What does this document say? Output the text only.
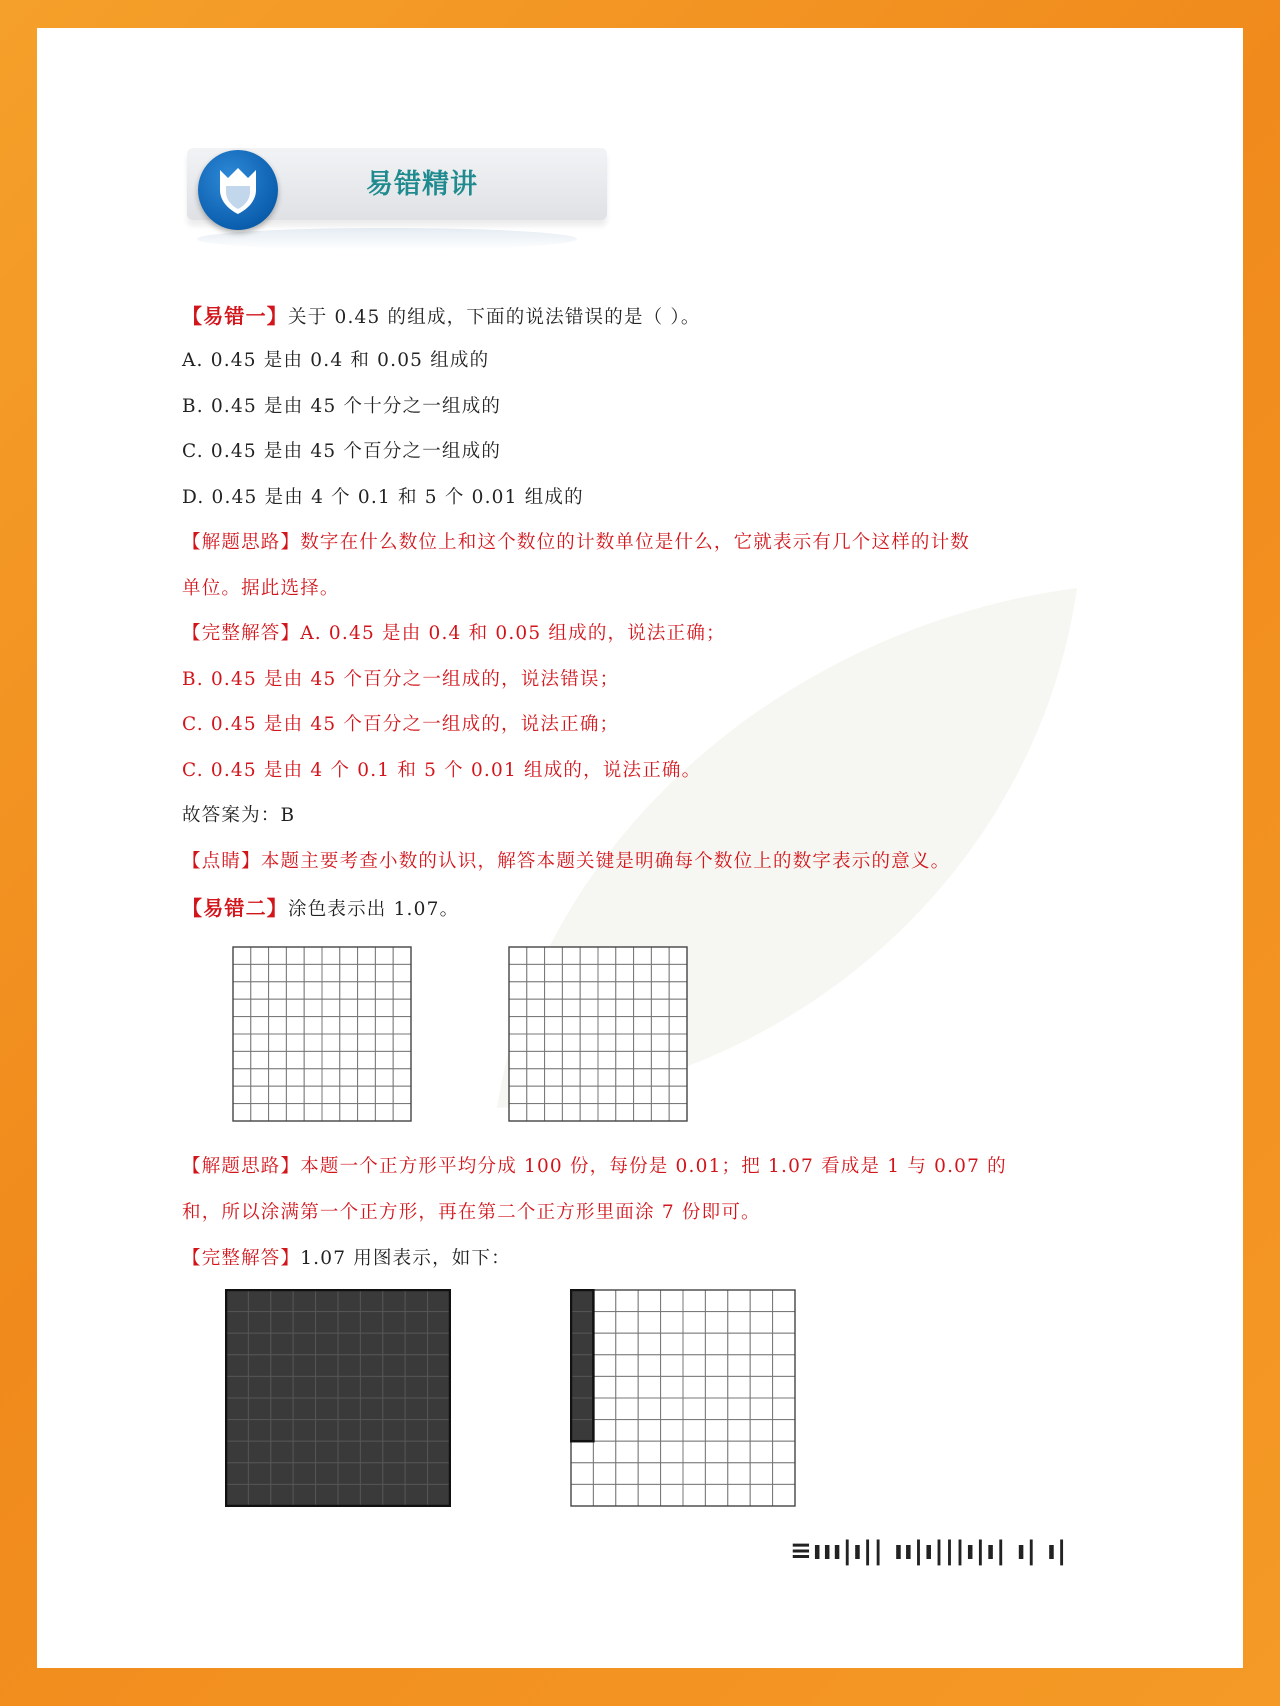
易错精讲
【易错一】关于 0.45 的组成，下面的说法错误的是（ ）。
A. 0.45 是由 0.4 和 0.05 组成的
B. 0.45 是由 45 个十分之一组成的
C. 0.45 是由 45 个百分之一组成的
D. 0.45 是由 4 个 0.1 和 5 个 0.01 组成的
【解题思路】数字在什么数位上和这个数位的计数单位是什么，它就表示有几个这样的计数
单位。据此选择。
【完整解答】A. 0.45 是由 0.4 和 0.05 组成的，说法正确；
B. 0.45 是由 45 个百分之一组成的，说法错误；
C. 0.45 是由 45 个百分之一组成的，说法正确；
C. 0.45 是由 4 个 0.1 和 5 个 0.01 组成的，说法正确。
故答案为：B
【点睛】本题主要考查小数的认识，解答本题关键是明确每个数位上的数字表示的意义。
【易错二】涂色表示出 1.07。
【解题思路】本题一个正方形平均分成 100 份，每份是 0.01；把 1.07 看成是 1 与 0.07 的
和，所以涂满第一个正方形，再在第二个正方形里面涂 7 份即可。
【完整解答】1.07 用图表示，如下：
≡ııı|ı|| ıı|ı|||ı|ı| ı| ı|
